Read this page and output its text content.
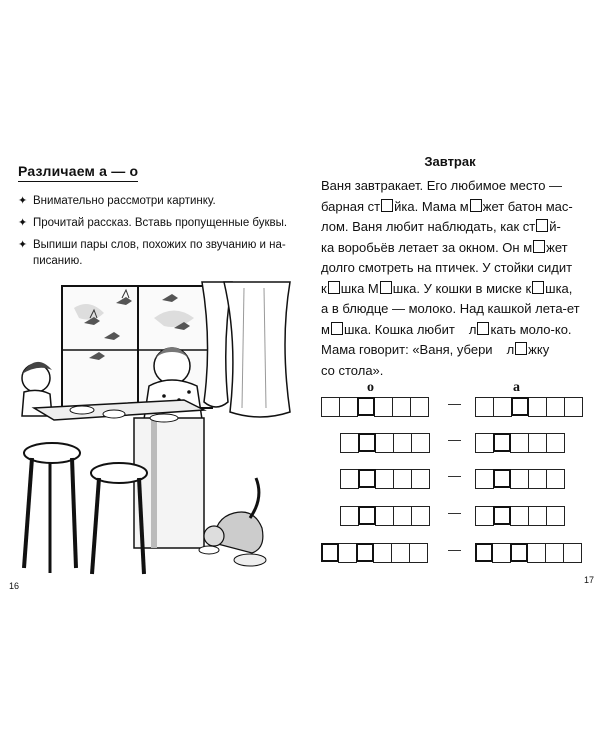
Различаем а — о
✦ Внимательно рассмотри картинку.
✦ Прочитай рассказ. Вставь пропущенные буквы.
✦ Выпиши пары слов, похожих по звучанию и на-писанию.
16
Завтрак
Ваня завтракает. Его любимое место —
барная ст йка. Мама м жет батон мас-
лом. Ваня любит наблюдать, как ст й-
ка воробьёв летает за окном. Он м жет
долго смотреть на птичек. У стойки сидит
к шка М шка. У кошки в миске к шка,
а в блюдце — молоко. Над кашкой лета-ет
м шка. Кошка любит л кать моло-ко.
Мама говорит: «Ваня, убери л жку
со стола».
о	а
—
—
—
—
—
17
